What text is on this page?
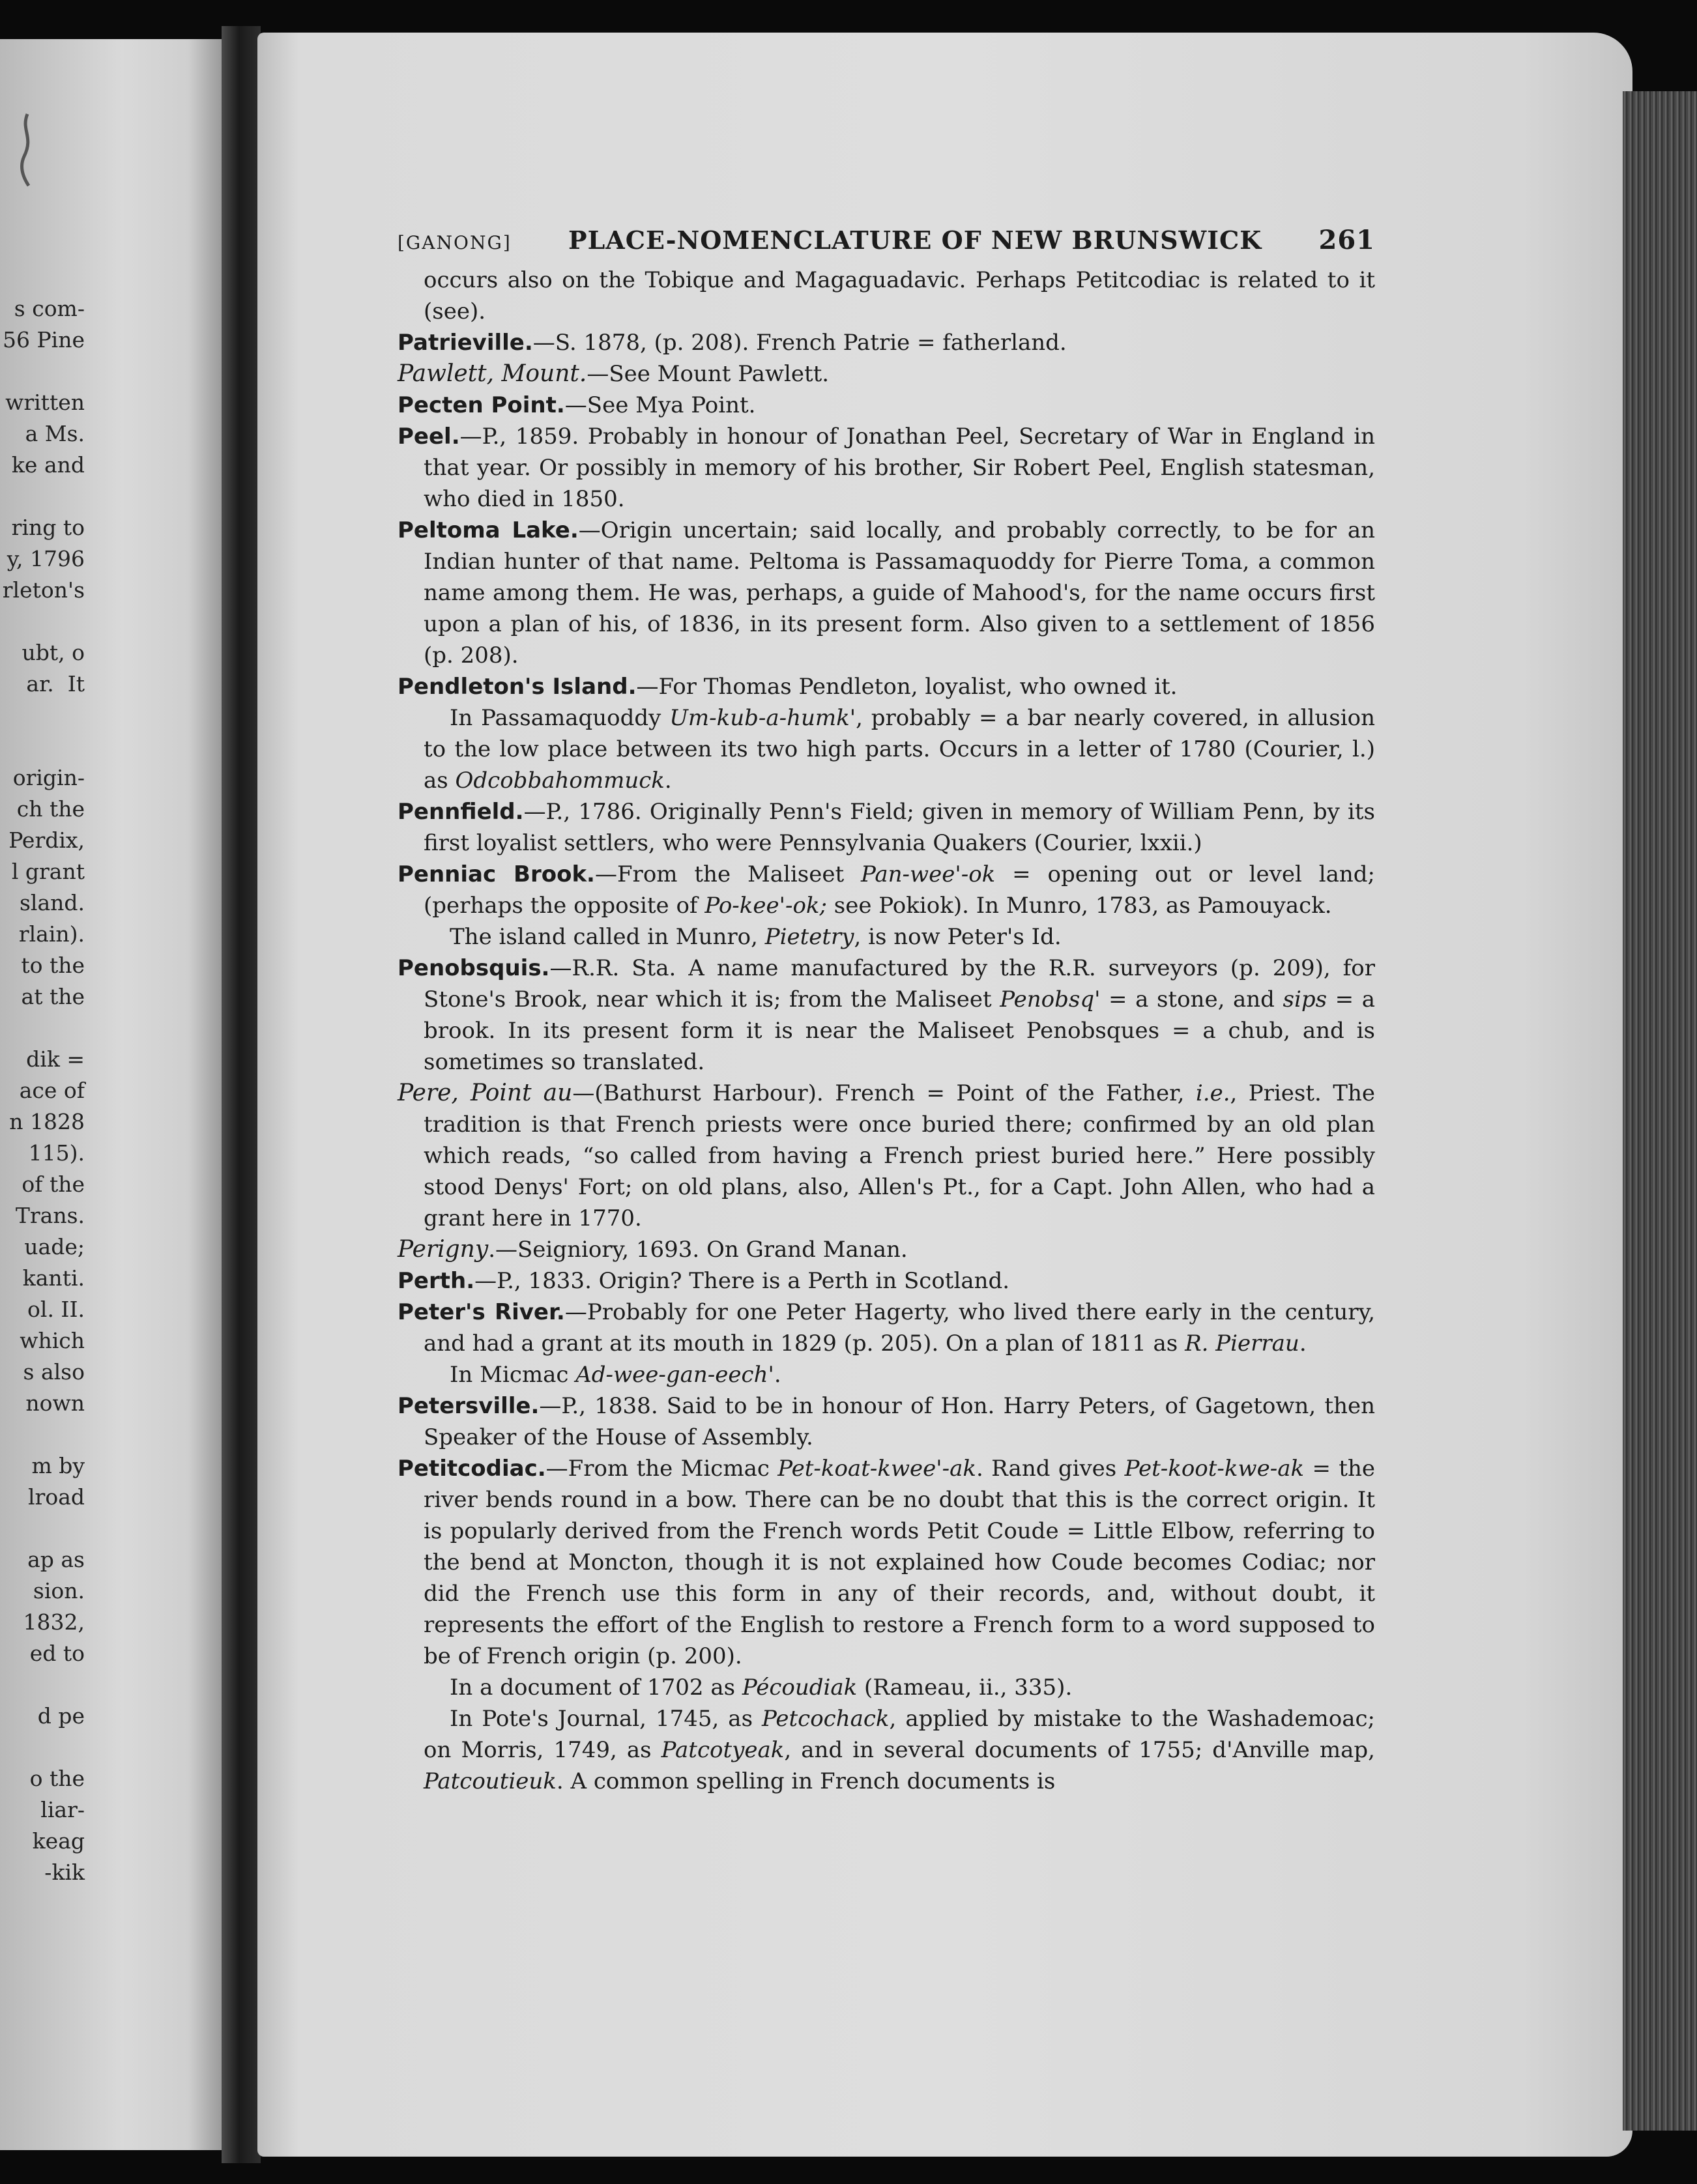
s com-
56 Pine
written
a Ms.
ke and
ring to
y, 1796
rleton's
ubt, o
ar.  It
origin-
ch the
Perdix,
l grant
sland.
rlain).
to the
at the
dik =
ace of
n 1828
115).
of the
Trans.
uade;
kanti.
ol. II.
which
s also
nown
m by
lroad
ap as
sion.
1832,
ed to
d pe
o the
liar-
keag
-kik
[GANONG] PLACE-NOMENCLATURE OF NEW BRUNSWICK 261

occurs also on the Tobique and Magaguadavic. Perhaps Petitcodiac is related to it (see).

Patrieville.—S. 1878, (p. 208). French Patrie = fatherland.

Pawlett, Mount.—See Mount Pawlett.

Pecten Point.—See Mya Point.

Peel.—P., 1859. Probably in honour of Jonathan Peel, Secretary of War in England in that year. Or possibly in memory of his brother, Sir Robert Peel, English statesman, who died in 1850.

Peltoma Lake.—Origin uncertain; said locally, and probably correctly, to be for an Indian hunter of that name. Peltoma is Passamaquoddy for Pierre Toma, a common name among them. He was, perhaps, a guide of Mahood's, for the name occurs first upon a plan of his, of 1836, in its present form. Also given to a settlement of 1856 (p. 208).

Pendleton's Island.—For Thomas Pendleton, loyalist, who owned it.

In Passamaquoddy Um-kub-a-humk', probably = a bar nearly covered, in allusion to the low place between its two high parts. Occurs in a letter of 1780 (Courier, l.) as Odcobbahommuck.

Pennfield.—P., 1786. Originally Penn's Field; given in memory of William Penn, by its first loyalist settlers, who were Pennsylvania Quakers (Courier, lxxii.)

Penniac Brook.—From the Maliseet Pan-wee'-ok = opening out or level land; (perhaps the opposite of Po-kee'-ok; see Pokiok). In Munro, 1783, as Pamouyack.

The island called in Munro, Pietetry, is now Peter's Id.

Penobsquis.—R.R. Sta. A name manufactured by the R.R. surveyors (p. 209), for Stone's Brook, near which it is; from the Maliseet Penobsq' = a stone, and sips = a brook. In its present form it is near the Maliseet Penobsques = a chub, and is sometimes so translated.

Pere, Point au—(Bathurst Harbour). French = Point of the Father, i.e., Priest. The tradition is that French priests were once buried there; confirmed by an old plan which reads, “so called from having a French priest buried here.” Here possibly stood Denys' Fort; on old plans, also, Allen's Pt., for a Capt. John Allen, who had a grant here in 1770.

Perigny.—Seigniory, 1693. On Grand Manan.

Perth.—P., 1833. Origin? There is a Perth in Scotland.

Peter's River.—Probably for one Peter Hagerty, who lived there early in the century, and had a grant at its mouth in 1829 (p. 205). On a plan of 1811 as R. Pierrau.

In Micmac Ad-wee-gan-eech'.

Petersville.—P., 1838. Said to be in honour of Hon. Harry Peters, of Gagetown, then Speaker of the House of Assembly.

Petitcodiac.—From the Micmac Pet-koat-kwee'-ak. Rand gives Pet-koot-kwe-ak = the river bends round in a bow. There can be no doubt that this is the correct origin. It is popularly derived from the French words Petit Coude = Little Elbow, referring to the bend at Moncton, though it is not explained how Coude becomes Codiac; nor did the French use this form in any of their records, and, without doubt, it represents the effort of the English to restore a French form to a word supposed to be of French origin (p. 200).

In a document of 1702 as Pécoudiak (Rameau, ii., 335).

In Pote's Journal, 1745, as Petcochack, applied by mistake to the Washademoac; on Morris, 1749, as Patcotyeak, and in several documents of 1755; d'Anville map, Patcoutieuk. A common spelling in French documents is
